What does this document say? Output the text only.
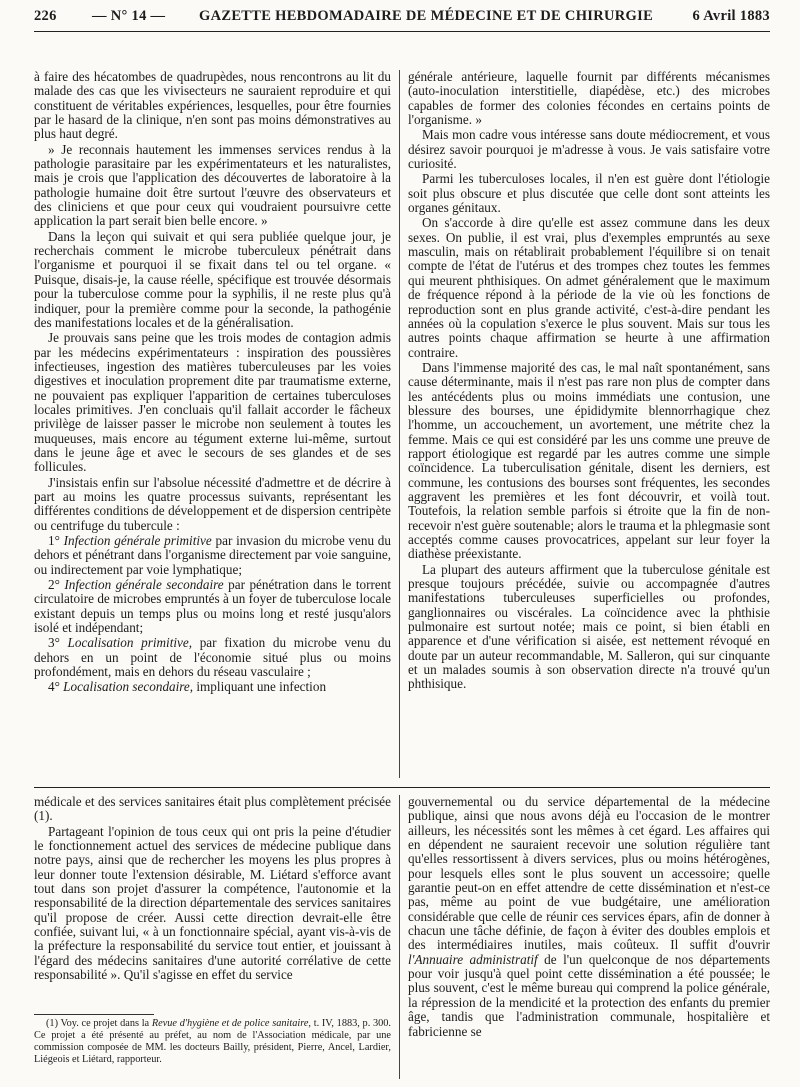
226 — N° 14 — GAZETTE HEBDOMADAIRE DE MÉDECINE ET DE CHIRURGIE	6 Avril 1883

à faire des hécatombes de quadrupèdes, nous rencontrons au lit du malade des cas que les vivisecteurs ne sauraient reproduire et qui constituent de véritables expériences, lesquelles, pour être fournies par le hasard de la clinique, n'en sont pas moins démonstratives au plus haut degré.

» Je reconnais hautement les immenses services rendus à la pathologie parasitaire par les expérimentateurs et les naturalistes, mais je crois que l'application des découvertes de laboratoire à la pathologie humaine doit être surtout l'œuvre des observateurs et des cliniciens et que pour ceux qui voudraient poursuivre cette application la part serait bien belle encore. »

Dans la leçon qui suivait et qui sera publiée quelque jour, je recherchais comment le microbe tuberculeux pénétrait dans l'organisme et pourquoi il se fixait dans tel ou tel organe. « Puisque, disais-je, la cause réelle, spécifique est trouvée désormais pour la tuberculose comme pour la syphilis, il ne reste plus qu'à indiquer, pour la première comme pour la seconde, la pathogénie des manifestations locales et de la généralisation.

Je prouvais sans peine que les trois modes de contagion admis par les médecins expérimentateurs : inspiration des poussières infectieuses, ingestion des matières tuberculeuses par les voies digestives et inoculation proprement dite par traumatisme externe, ne pouvaient pas expliquer l'apparition de certaines tuberculoses locales primitives. J'en concluais qu'il fallait accorder le fâcheux privilège de laisser passer le microbe non seulement à toutes les muqueuses, mais encore au tégument externe lui-même, surtout dans le jeune âge et avec le secours de ses glandes et de ses follicules.

J'insistais enfin sur l'absolue nécessité d'admettre et de décrire à part au moins les quatre processus suivants, représentant les différentes conditions de développement et de dispersion centripète ou centrifuge du tubercule :

1° Infection générale primitive par invasion du microbe venu du dehors et pénétrant dans l'organisme directement par voie sanguine, ou indirectement par voie lymphatique;

2° Infection générale secondaire par pénétration dans le torrent circulatoire de microbes empruntés à un foyer de tuberculose locale existant depuis un temps plus ou moins long et resté jusqu'alors isolé et indépendant;

3° Localisation primitive, par fixation du microbe venu du dehors en un point de l'économie situé plus ou moins profondément, mais en dehors du réseau vasculaire ;

4° Localisation secondaire, impliquant une infection

générale antérieure, laquelle fournit par différents mécanismes (auto-inoculation interstitielle, diapédèse, etc.) des microbes capables de former des colonies fécondes en certains points de l'organisme. »

Mais mon cadre vous intéresse sans doute médiocrement, et vous désirez savoir pourquoi je m'adresse à vous. Je vais satisfaire votre curiosité.

Parmi les tuberculoses locales, il n'en est guère dont l'étiologie soit plus obscure et plus discutée que celle dont sont atteints les organes génitaux.

On s'accorde à dire qu'elle est assez commune dans les deux sexes. On publie, il est vrai, plus d'exemples empruntés au sexe masculin, mais on rétablirait probablement l'équilibre si on tenait compte de l'état de l'utérus et des trompes chez toutes les femmes qui meurent phthisiques. On admet généralement que le maximum de fréquence répond à la période de la vie où les fonctions de reproduction sont en plus grande activité, c'est-à-dire pendant les années où la copulation s'exerce le plus souvent. Mais sur tous les autres points chaque affirmation se heurte à une affirmation contraire.

Dans l'immense majorité des cas, le mal naît spontanément, sans cause déterminante, mais il n'est pas rare non plus de compter dans les antécédents plus ou moins immédiats une contusion, une blessure des bourses, une épididymite blennorrhagique chez l'homme, un accouchement, un avortement, une métrite chez la femme. Mais ce qui est considéré par les uns comme une preuve de rapport étiologique est regardé par les autres comme une simple coïncidence. La tuberculisation génitale, disent les derniers, est commune, les contusions des bourses sont fréquentes, les secondes aggravent les premières et les font découvrir, et voilà tout. Toutefois, la relation semble parfois si étroite que la fin de non-recevoir n'est guère soutenable; alors le trauma et la phlegmasie sont acceptés comme causes provocatrices, appelant sur leur foyer la diathèse préexistante.

La plupart des auteurs affirment que la tuberculose génitale est presque toujours précédée, suivie ou accompagnée d'autres manifestations tuberculeuses superficielles ou profondes, ganglionnaires ou viscérales. La coïncidence avec la phthisie pulmonaire est surtout notée; mais ce point, si bien établi en apparence et d'une vérification si aisée, est nettement révoqué en doute par un auteur recommandable, M. Salleron, qui sur cinquante et un malades soumis à son observation directe n'a trouvé qu'un phthisique.

médicale et des services sanitaires était plus complètement précisée (1).

Partageant l'opinion de tous ceux qui ont pris la peine d'étudier le fonctionnement actuel des services de médecine publique dans notre pays, ainsi que de rechercher les moyens les plus propres à leur donner toute l'extension désirable, M. Liétard s'efforce avant tout dans son projet d'assurer la compétence, l'autonomie et la responsabilité de la direction départementale des services sanitaires qu'il propose de créer. Aussi cette direction devrait-elle être confiée, suivant lui, « à un fonctionnaire spécial, ayant vis-à-vis de la préfecture la responsabilité du service tout entier, et jouissant à l'égard des médecins sanitaires d'une autorité corrélative de cette responsabilité ». Qu'il s'agisse en effet du service

gouvernemental ou du service départemental de la médecine publique, ainsi que nous avons déjà eu l'occasion de le montrer ailleurs, les nécessités sont les mêmes à cet égard. Les affaires qui en dépendent ne sauraient recevoir une solution régulière tant qu'elles ressortissent à divers services, plus ou moins hétérogènes, pour lesquels elles sont le plus souvent un accessoire; quelle garantie peut-on en effet attendre de cette dissémination et n'est-ce pas, même au point de vue budgétaire, une amélioration considérable que celle de réunir ces services épars, afin de donner à chacun une tâche définie, de façon à éviter des doubles emplois et des intermédiaires inutiles, mais coûteux. Il suffit d'ouvrir l'Annuaire administratif de l'un quelconque de nos départements pour voir jusqu'à quel point cette dissémination a été poussée; le plus souvent, c'est le même bureau qui comprend la police générale, la répression de la mendicité et la protection des enfants du premier âge, tandis que l'administration communale, hospitalière et fabricienne se

(1) Voy. ce projet dans la Revue d'hygiène et de police sanitaire, t. IV, 1883, p. 300. Ce projet a été présenté au préfet, au nom de l'Association médicale, par une commission composée de MM. les docteurs Bailly, président, Pierre, Ancel, Lardier, Liégeois et Liétard, rapporteur.
